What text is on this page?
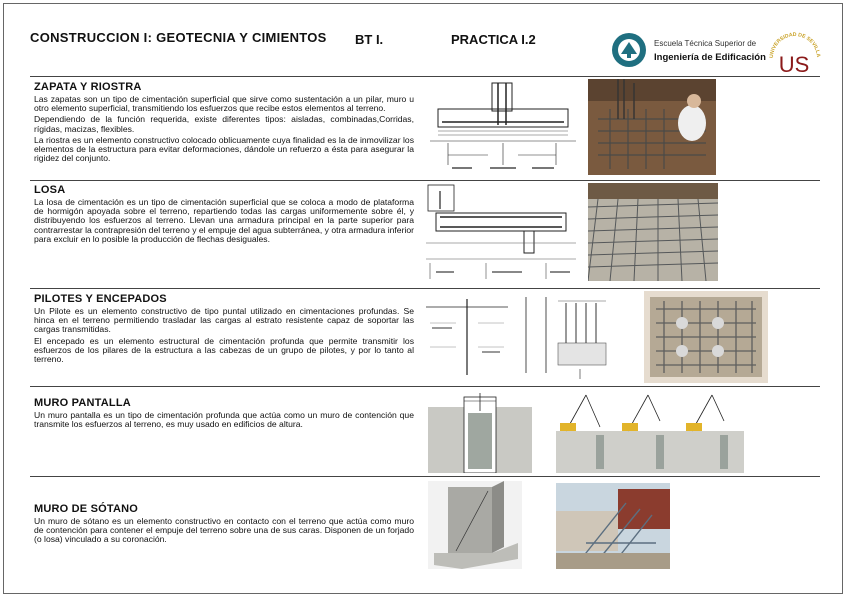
CONSTRUCCION I: GEOTECNIA Y CIMIENTOS BT I.	PRACTICA I.2	Escuela Técnica Superior de
Ingeniería de Edificación UNIVERSIDAD DE SEVILLA
US
ZAPATA Y RIOSTRA

Las zapatas son un tipo de cimentación superficial que sirve como sustentación a un pilar, muro u otro elemento superficial, transmitiendo los esfuerzos que recibe estos elementos al terreno.

Dependiendo de la función requerida, existe diferentes tipos: aisladas, combinadas,Corridas, rígidas, macizas, flexibles.

La riostra es un elemento constructivo colocado oblicuamente cuya finalidad es la de inmovilizar los elementos de la estructura para evitar deformaciones, dándole un refuerzo a ésta para asegurar la rigidez del conjunto.

LOSA

La losa de cimentación es un tipo de cimentación superficial que se coloca a modo de plataforma de hormigón apoyada sobre el terreno, repartiendo todas las cargas uniformemente sobre él, y distribuyendo los esfuerzos al terreno. Llevan una armadura principal en la parte superior para contrarrestar la contrapresión del terreno y el empuje del agua subterránea, y otra armadura inferior para excluir en lo posible la producción de flechas desiguales.

PILOTES Y ENCEPADOS

Un Pilote es un elemento constructivo de tipo puntal utilizado en cimentaciones profundas. Se hinca en el terreno permitiendo trasladar las cargas al estrato resistente capaz de soportar las cargas transmitidas.

El encepado es un elemento estructural de cimentación profunda que permite transmitir los esfuerzos de los pilares de la estructura a las cabezas de un grupo de pilotes, y por lo tanto al terreno.

MURO PANTALLA

Un muro pantalla es un tipo de cimentación profunda que actúa como un muro de contención que transmite los esfuerzos al terreno, es muy usado en edificios de altura.

MURO DE SÓTANO

Un muro de sótano es un elemento constructivo en contacto con el terreno que actúa como muro de contención para contener el empuje del terreno sobre una de sus caras. Disponen de un forjado (o losa) vinculado a su coronación.
